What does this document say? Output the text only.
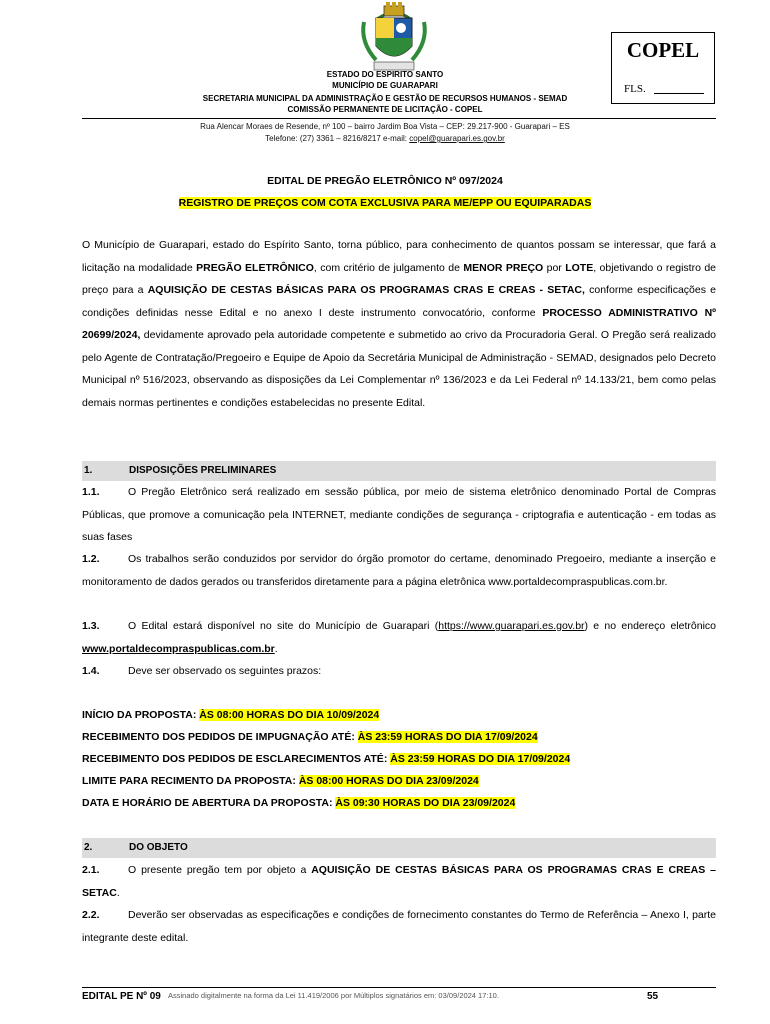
COPEL
FLS.
ESTADO DO ESPIRITO SANTO
MUNICÍPIO DE GUARAPARI
SECRETARIA MUNICIPAL DA ADMINISTRAÇÃO E GESTÃO DE RECURSOS HUMANOS - SEMAD
COMISSÃO PERMANENTE DE LICITAÇÃO - COPEL
Rua Alencar Moraes de Resende, nº 100 – bairro Jardim Boa Vista – CEP: 29.217-900 - Guarapari – ES
Telefone: (27) 3361 – 8216/8217 e-mail: copel@guarapari.es.gov.br
EDITAL DE PREGÃO ELETRÔNICO Nº 097/2024
REGISTRO DE PREÇOS COM COTA EXCLUSIVA PARA ME/EPP OU EQUIPARADAS

O Município de Guarapari, estado do Espírito Santo, torna público, para conhecimento de quantos possam se interessar, que fará a licitação na modalidade PREGÃO ELETRÔNICO, com critério de julgamento de MENOR PREÇO por LOTE, objetivando o registro de preço para a AQUISIÇÃO DE CESTAS BÁSICAS PARA OS PROGRAMAS CRAS E CREAS - SETAC, conforme especificações e condições definidas nesse Edital e no anexo I deste instrumento convocatório, conforme PROCESSO ADMINISTRATIVO Nº 20699/2024, devidamente aprovado pela autoridade competente e submetido ao crivo da Procuradoria Geral. O Pregão será realizado pelo Agente de Contratação/Pregoeiro e Equipe de Apoio da Secretária Municipal de Administração - SEMAD, designados pelo Decreto Municipal nº 516/2023, observando as disposições da Lei Complementar nº 136/2023 e da Lei Federal nº 14.133/21, bem como pelas demais normas pertinentes e condições estabelecidas no presente Edital.

1.	DISPOSIÇÕES PRELIMINARES

1.1.	O Pregão Eletrônico será realizado em sessão pública, por meio de sistema eletrônico denominado Portal de Compras Públicas, que promove a comunicação pela INTERNET, mediante condições de segurança - criptografia e autenticação - em todas as suas fases

1.2.	Os trabalhos serão conduzidos por servidor do órgão promotor do certame, denominado Pregoeiro, mediante a inserção e monitoramento de dados gerados ou transferidos diretamente para a página eletrônica www.portaldecompraspublicas.com.br.

1.3.	O Edital estará disponível no site do Município de Guarapari (https://www.guarapari.es.gov.br) e no endereço eletrônico www.portaldecompraspublicas.com.br.

1.4.	Deve ser observado os seguintes prazos:

INÍCIO DA PROPOSTA: ÀS 08:00 HORAS DO DIA 10/09/2024
RECEBIMENTO DOS PEDIDOS DE IMPUGNAÇÃO ATÉ: ÀS 23:59 HORAS DO DIA 17/09/2024
RECEBIMENTO DOS PEDIDOS DE ESCLARECIMENTOS ATÉ: ÀS 23:59 HORAS DO DIA 17/09/2024
LIMITE PARA RECIMENTO DA PROPOSTA: ÀS 08:00 HORAS DO DIA 23/09/2024
DATA E HORÁRIO DE ABERTURA DA PROPOSTA: ÀS 09:30 HORAS DO DIA 23/09/2024
2.	DO OBJETO

2.1.	O presente pregão tem por objeto a AQUISIÇÃO DE CESTAS BÁSICAS PARA OS PROGRAMAS CRAS E CREAS – SETAC.

2.2.	Deverão ser observadas as especificações e condições de fornecimento constantes do Termo de Referência – Anexo I, parte integrante deste edital.

EDITAL PE Nº 09 Assinado digitalmente na forma da Lei 11.419/2006 por Múltiplos signatários em: 03/09/2024 17:10.	55
